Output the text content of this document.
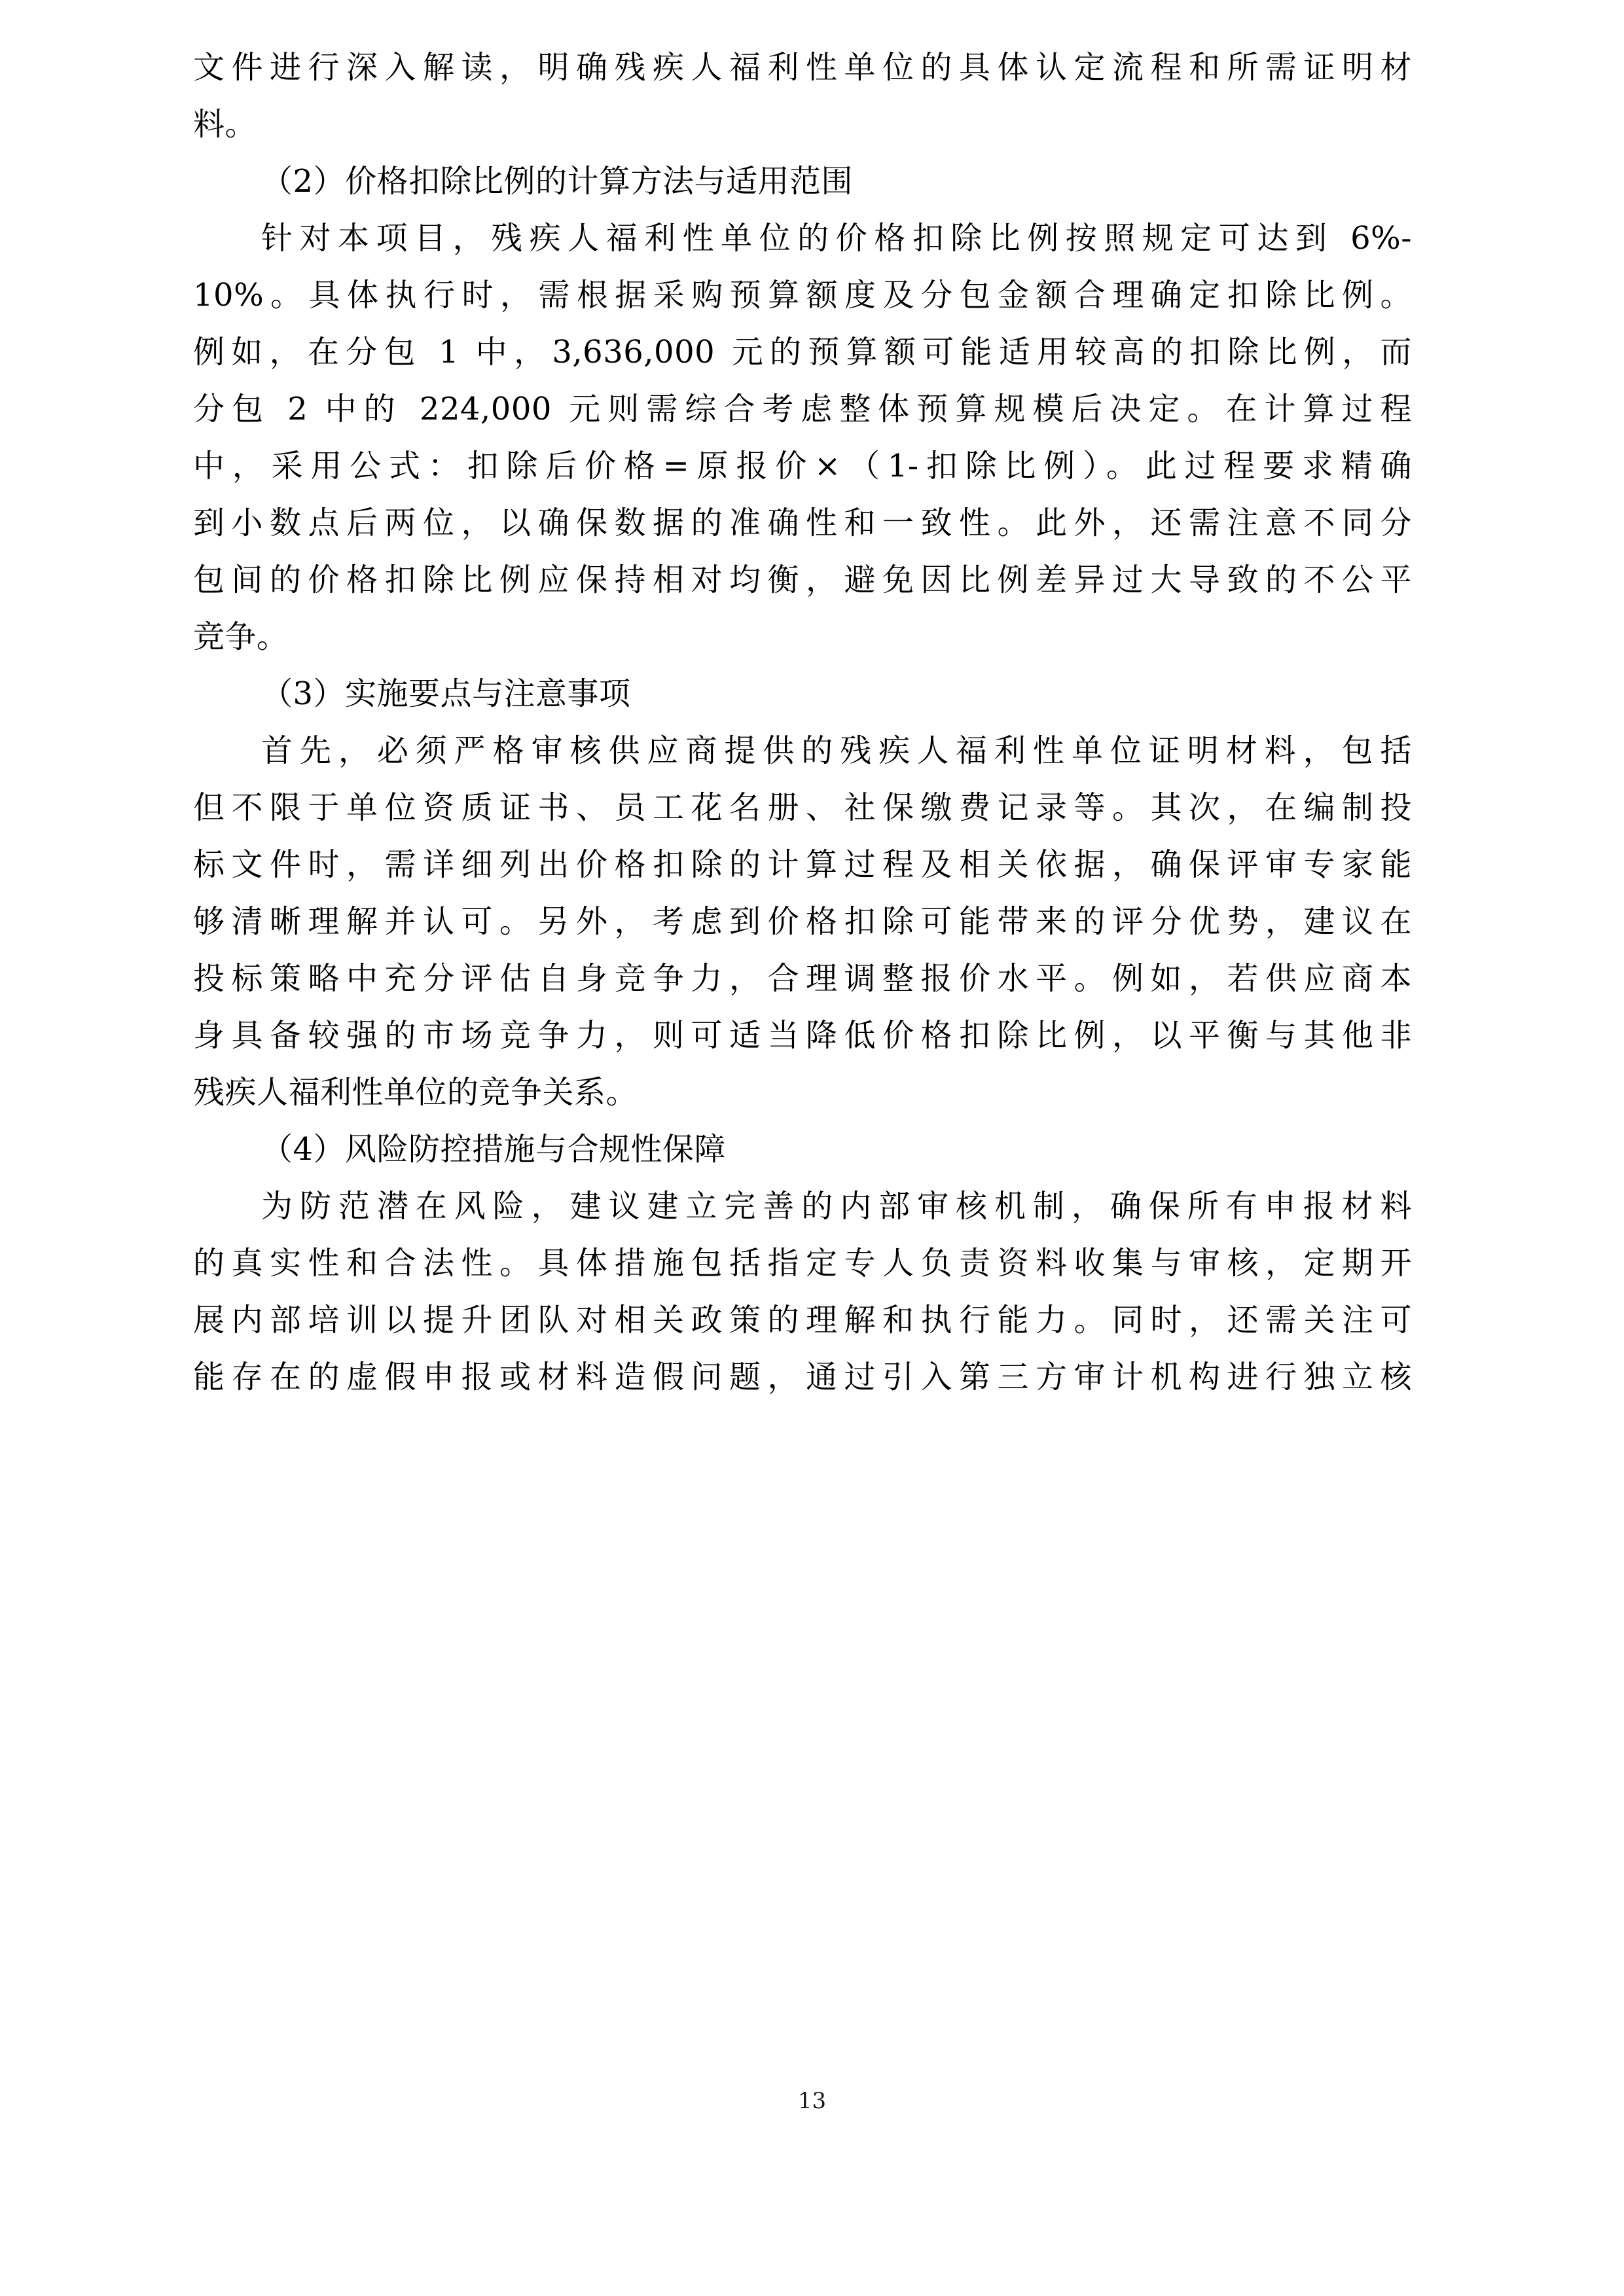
文件进行深入解读，明确残疾人福利性单位的具体认定流程和所需证明材
料。
（2）价格扣除比例的计算方法与适用范围
针对本项目，残疾人福利性单位的价格扣除比例按照规定可达到 6%-
10%。具体执行时，需根据采购预算额度及分包金额合理确定扣除比例。
例如，在分包 1 中，3,636,000 元的预算额可能适用较高的扣除比例，而
分包 2 中的 224,000 元则需综合考虑整体预算规模后决定。在计算过程
中，采用公式：扣除后价格=原报价×（1-扣除比例）。此过程要求精确
到小数点后两位，以确保数据的准确性和一致性。此外，还需注意不同分
包间的价格扣除比例应保持相对均衡，避免因比例差异过大导致的不公平
竞争。
（3）实施要点与注意事项
首先，必须严格审核供应商提供的残疾人福利性单位证明材料，包括
但不限于单位资质证书、员工花名册、社保缴费记录等。其次，在编制投
标文件时，需详细列出价格扣除的计算过程及相关依据，确保评审专家能
够清晰理解并认可。另外，考虑到价格扣除可能带来的评分优势，建议在
投标策略中充分评估自身竞争力，合理调整报价水平。例如，若供应商本
身具备较强的市场竞争力，则可适当降低价格扣除比例，以平衡与其他非
残疾人福利性单位的竞争关系。
（4）风险防控措施与合规性保障
为防范潜在风险，建议建立完善的内部审核机制，确保所有申报材料
的真实性和合法性。具体措施包括指定专人负责资料收集与审核，定期开
展内部培训以提升团队对相关政策的理解和执行能力。同时，还需关注可
能存在的虚假申报或材料造假问题，通过引入第三方审计机构进行独立核
13
